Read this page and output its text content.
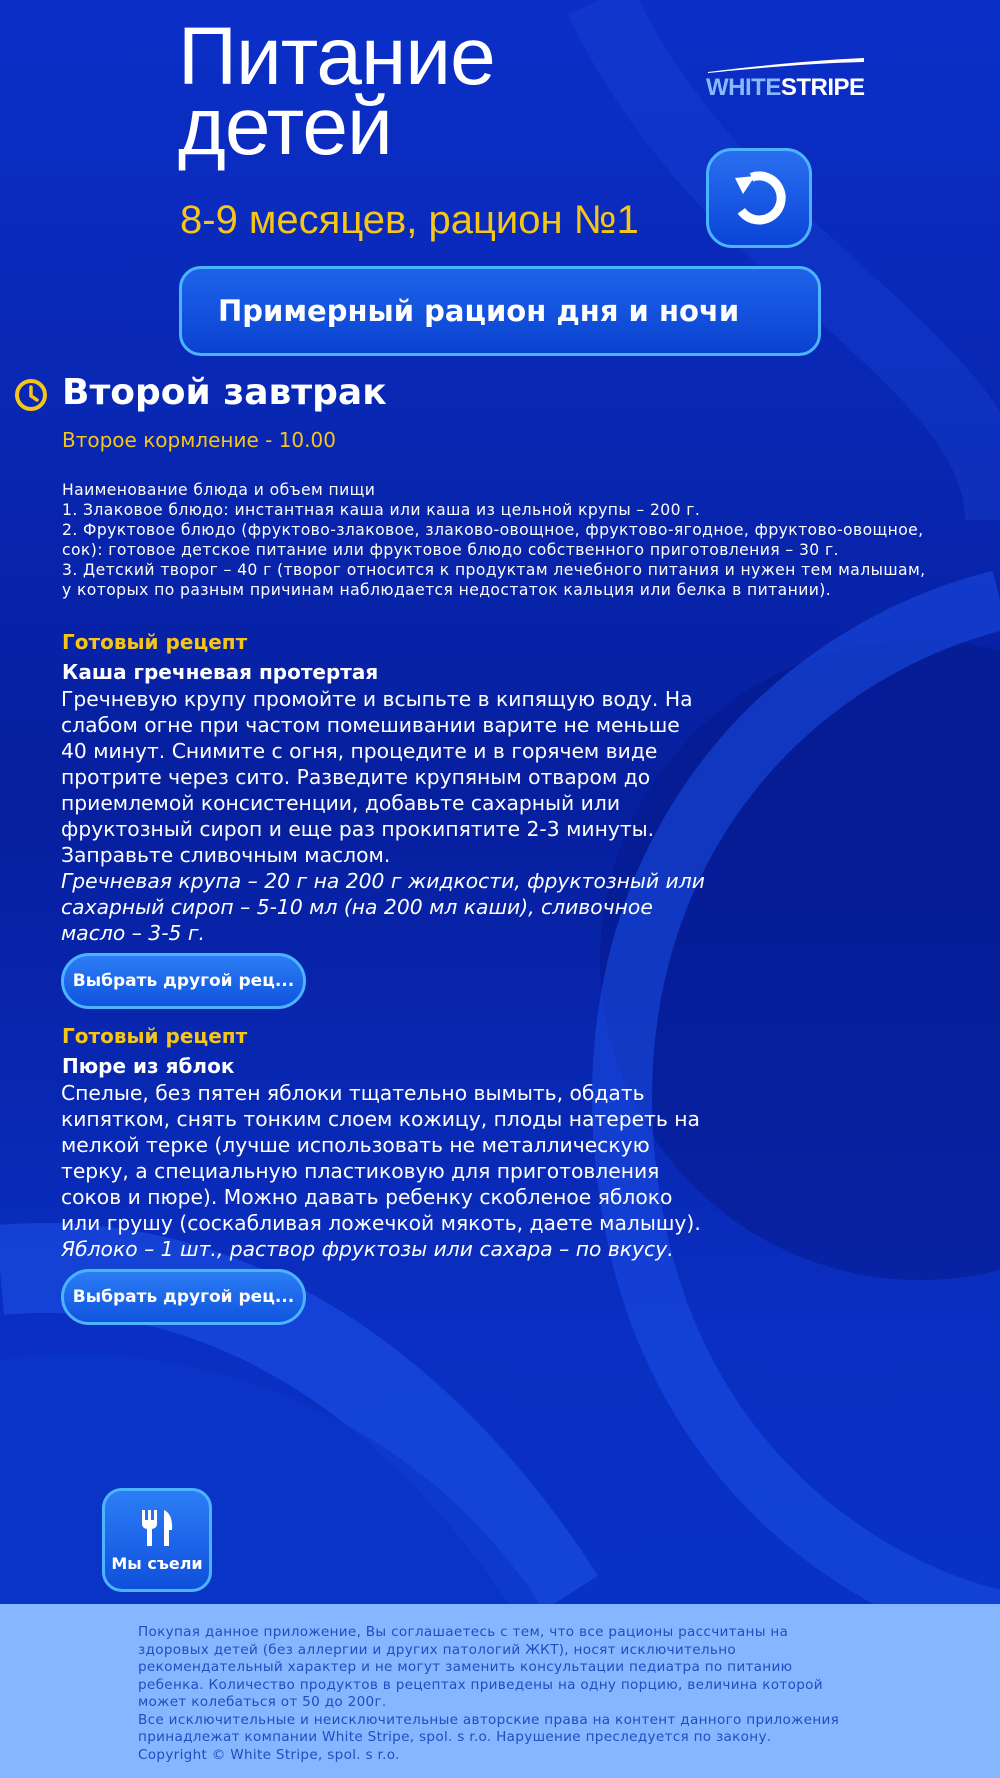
Питание
детей
8-9 месяцев, рацион №1
WHITESTRIPE
Примерный рацион дня и ночи
Второй завтрак
Второе кормление - 10.00
Наименование блюда и объем пищи
1. Злаковое блюдо: инстантная каша или каша из цельной крупы – 200 г.
2. Фруктовое блюдо (фруктово-злаковое, злаково-овощное, фруктово-ягодное, фруктово-овощное,
сок): готовое детское питание или фруктовое блюдо собственного приготовления – 30 г.
3. Детский творог – 40 г (творог относится к продуктам лечебного питания и нужен тем малышам,
у которых по разным причинам наблюдается недостаток кальция или белка в питании).
Готовый рецепт
Каша гречневая протертая
Гречневую крупу промойте и всыпьте в кипящую воду. На
слабом огне при частом помешивании варите не меньше
40 минут. Снимите с огня, процедите и в горячем виде
протрите через сито. Разведите крупяным отваром до
приемлемой консистенции, добавьте сахарный или
фруктозный сироп и еще раз прокипятите 2-3 минуты.
Заправьте сливочным маслом.
Гречневая крупа – 20 г на 200 г жидкости, фруктозный или
сахарный сироп – 5-10 мл (на 200 мл каши), сливочное
масло – 3-5 г.
Выбрать другой рец...
Готовый рецепт
Пюре из яблок
Спелые, без пятен яблоки тщательно вымыть, обдать
кипятком, снять тонким слоем кожицу, плоды натереть на
мелкой терке (лучше использовать не металлическую
терку, а специальную пластиковую для приготовления
соков и пюре). Можно давать ребенку скобленое яблоко
или грушу (соскабливая ложечкой мякоть, даете малышу).
Яблоко – 1 шт., раствор фруктозы или сахара – по вкусу.
Выбрать другой рец...
Мы съели
Покупая данное приложение, Вы соглашаетесь с тем, что все рационы рассчитаны на
здоровых детей (без аллергии и других патологий ЖКТ), носят исключительно
рекомендательный характер и не могут заменить консультации педиатра по питанию
ребенка. Количество продуктов в рецептах приведены на одну порцию, величина которой
может колебаться от 50 до 200г.
Все исключительные и неисключительные авторские права на контент данного приложения
принадлежат компании White Stripe, spol. s r.o. Нарушение преследуется по закону.
Copyright © White Stripe, spol. s r.o.
